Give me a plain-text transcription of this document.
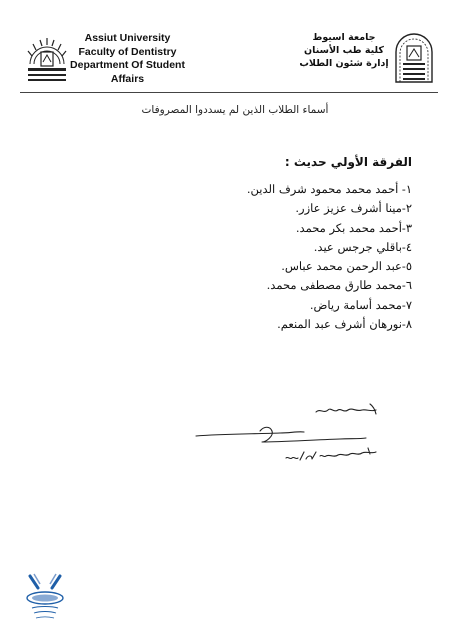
Assiut University
Faculty of Dentistry
Department Of Student
Affairs
جامعة اسيوط
كلية طب الأسنان
إدارة شئون الطلاب
أسماء الطلاب الذين لم يسددوا المصروفات
الفرقة الأولي حديث :
١- أحمد محمد محمود شرف الدين.
٢-مينا أشرف عزيز عازر.
٣-أحمد محمد بكر محمد.
٤-باقلي جرجس عيد.
٥-عبد الرحمن محمد عباس.
٦-محمد طارق مصطفى محمد.
٧-محمد أسامة رياض.
٨-نورهان أشرف عبد المنعم.
